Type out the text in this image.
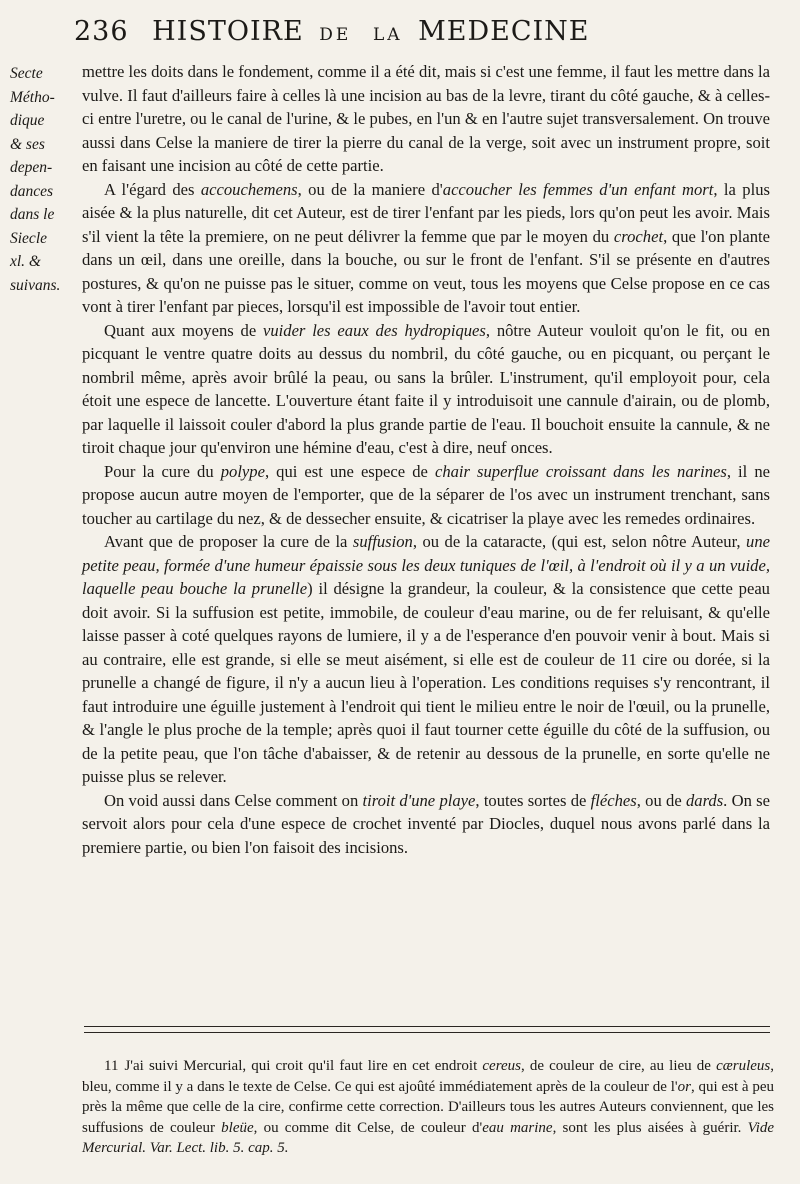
236 HISTOIRE DE LA MEDECINE
Secte
Métho-
dique
& ses
depen-
dances
dans le
Siecle
xl. &
suivans.

mettre les doits dans le fondement, comme il a été dit, mais si c'est une femme, il faut les mettre dans la vulve. Il faut d'ailleurs faire à celles là une incision au bas de la levre, tirant du côté gauche, & à celles-ci entre l'uretre, ou le canal de l'urine, & le pubes, en l'un & en l'autre sujet transversalement. On trouve aussi dans Celse la maniere de tirer la pierre du canal de la verge, soit avec un instrument propre, soit en faisant une incision au côté de cette partie.

A l'égard des accouchemens, ou de la maniere d'accoucher les femmes d'un enfant mort, la plus aisée & la plus naturelle, dit cet Auteur, est de tirer l'enfant par les pieds, lors qu'on peut les avoir. Mais s'il vient la tête la premiere, on ne peut délivrer la femme que par le moyen du crochet, que l'on plante dans un œil, dans une oreille, dans la bouche, ou sur le front de l'enfant. S'il se présente en d'autres postures, & qu'on ne puisse pas le situer, comme on veut, tous les moyens que Celse propose en ce cas vont à tirer l'enfant par pieces, lorsqu'il est impossible de l'avoir tout entier.

Quant aux moyens de vuider les eaux des hydropiques, nôtre Auteur vouloit qu'on le fit, ou en picquant le ventre quatre doits au dessus du nombril, du côté gauche, ou en picquant, ou perçant le nombril même, après avoir brûlé la peau, ou sans la brûler. L'instrument, qu'il employoit pour, cela étoit une espece de lancette. L'ouverture étant faite il y introduisoit une cannule d'airain, ou de plomb, par laquelle il laissoit couler d'abord la plus grande partie de l'eau. Il bouchoit ensuite la cannule, & ne tiroit chaque jour qu'environ une hémine d'eau, c'est à dire, neuf onces.

Pour la cure du polype, qui est une espece de chair superflue croissant dans les narines, il ne propose aucun autre moyen de l'emporter, que de la séparer de l'os avec un instrument trenchant, sans toucher au cartilage du nez, & de dessecher ensuite, & cicatriser la playe avec les remedes ordinaires.

Avant que de proposer la cure de la suffusion, ou de la cataracte, (qui est, selon nôtre Auteur, une petite peau, formée d'une humeur épaissie sous les deux tuniques de l'œil, à l'endroit où il y a un vuide, laquelle peau bouche la prunelle) il désigne la grandeur, la couleur, & la consistence que cette peau doit avoir. Si la suffusion est petite, immobile, de couleur d'eau marine, ou de fer reluisant, & qu'elle laisse passer à coté quelques rayons de lumiere, il y a de l'esperance d'en pouvoir venir à bout. Mais si au contraire, elle est grande, si elle se meut aisément, si elle est de couleur de 11 cire ou dorée, si la prunelle a changé de figure, il n'y a aucun lieu à l'operation. Les conditions requises s'y rencontrant, il faut introduire une éguille justement à l'endroit qui tient le milieu entre le noir de l'œuil, ou la prunelle, & l'angle le plus proche de la temple; après quoi il faut tourner cette éguille du côté de la suffusion, ou de la petite peau, que l'on tâche d'abaisser, & de retenir au dessous de la prunelle, en sorte qu'elle ne puisse plus se relever.

On void aussi dans Celse comment on tiroit d'une playe, toutes sortes de fléches, ou de dards. On se servoit alors pour cela d'une espece de crochet inventé par Diocles, duquel nous avons parlé dans la premiere partie, ou bien l'on faisoit des incisions.

11 J'ai suivi Mercurial, qui croit qu'il faut lire en cet endroit cereus, de couleur de cire, au lieu de cæruleus, bleu, comme il y a dans le texte de Celse. Ce qui est ajoûté immédiatement après de la couleur de l'or, qui est à peu près la même que celle de la cire, confirme cette correction. D'ailleurs tous les autres Auteurs conviennent, que les suffusions de couleur bleüe, ou comme dit Celse, de couleur d'eau marine, sont les plus aisées à guérir. Vide Mercurial. Var. Lect. lib. 5. cap. 5.
